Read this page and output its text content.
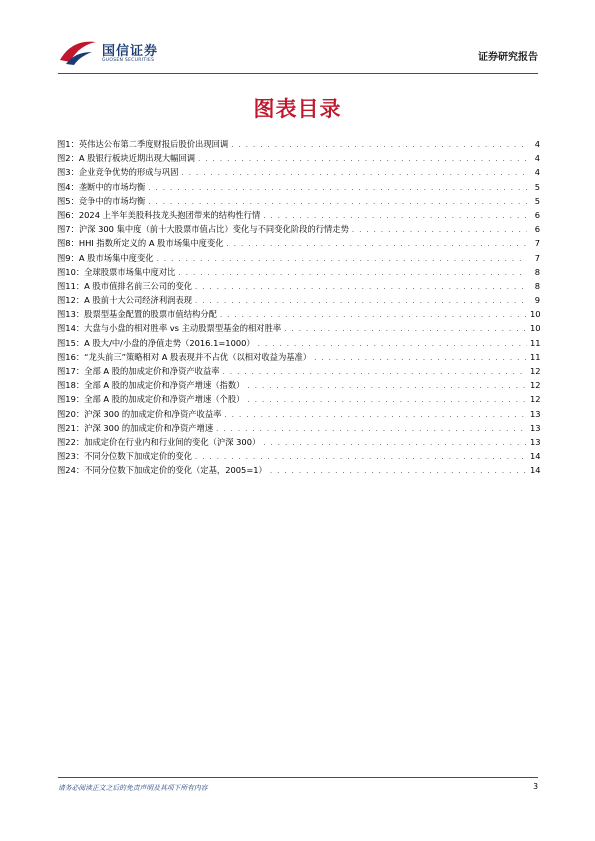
国信证券
GUOSEN SECURITIES	证券研究报告
图表目录
图1： 英伟达公布第二季度财报后股价出现回调 . . .	4
图2： A 股银行板块近期出现大幅回调 . . .	4
图3： 企业竞争优势的形成与巩固 . . .	4
图4： 垄断中的市场均衡 . . .	5
图5： 竞争中的市场均衡 . . .	5
图6： 2024 上半年美股科技龙头抱团带来的结构性行情 . . .	6
图7： 沪深 300 集中度（前十大股票市值占比）变化与不同变化阶段的行情走势 . . .	6
图8： HHI 指数所定义的 A 股市场集中度变化 . . .	7
图9： A 股市场集中度变化 . . .	7
图10： 全球股票市场集中度对比 . . .	8
图11： A 股市值排名前三公司的变化 . . .	8
图12： A 股前十大公司经济利润表现 . . .	9
图13： 股票型基金配置的股票市值结构分配 . . .	10
图14： 大盘与小盘的相对胜率 vs 主动股票型基金的相对胜率 . . .	10
图15： A 股大/中/小盘的净值走势（2016.1=1000） . . .	11
图16： “龙头前三”策略相对 A 股表现并不占优（以相对收益为基准） . . .	11
图17： 全部 A 股的加成定价和净资产收益率 . . .	12
图18： 全部 A 股的加成定价和净资产增速（指数） . . .	12
图19： 全部 A 股的加成定价和净资产增速（个股） . . .	12
图20： 沪深 300 的加成定价和净资产收益率 . . .	13
图21： 沪深 300 的加成定价和净资产增速 . . .	13
图22： 加成定价在行业内和行业间的变化（沪深 300） . . .	13
图23： 不同分位数下加成定价的变化 . . .	14
图24： 不同分位数下加成定价的变化（定基，2005=1） . . .	14
请务必阅读正文之后的免责声明及其项下所有内容	3
